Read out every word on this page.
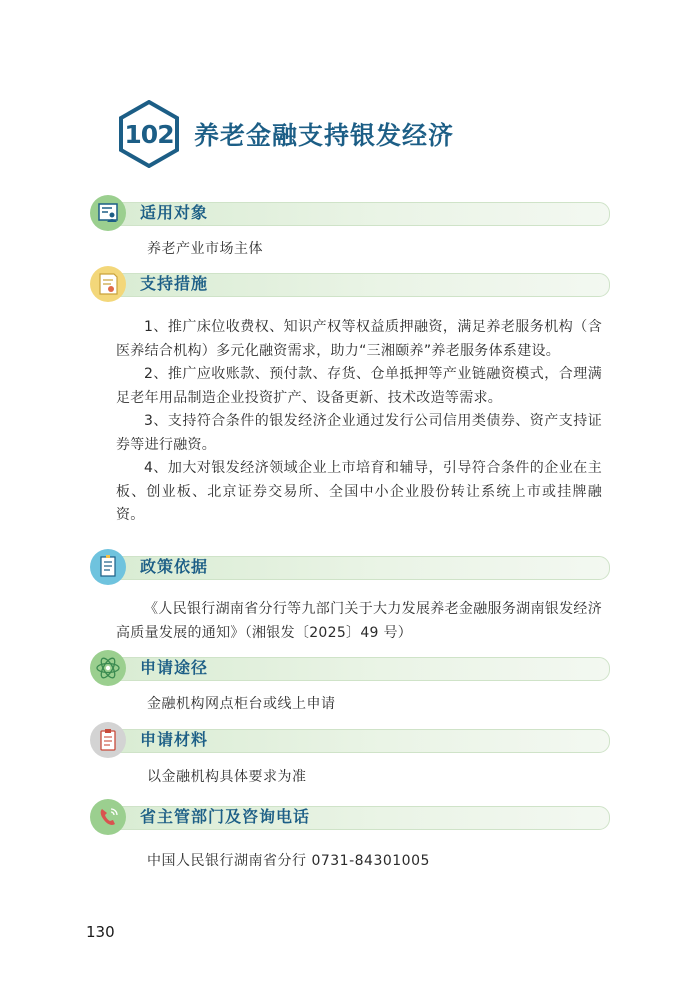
102 养老金融支持银发经济
适用对象
养老产业市场主体
支持措施

1、推广床位收费权、知识产权等权益质押融资，满足养老服务机构（含医养结合机构）多元化融资需求，助力“三湘颐养”养老服务体系建设。

2、推广应收账款、预付款、存货、仓单抵押等产业链融资模式，合理满足老年用品制造企业投资扩产、设备更新、技术改造等需求。

3、支持符合条件的银发经济企业通过发行公司信用类债券、资产支持证券等进行融资。

4、加大对银发经济领域企业上市培育和辅导，引导符合条件的企业在主板、创业板、北京证券交易所、全国中小企业股份转让系统上市或挂牌融资。

政策依据

《人民银行湖南省分行等九部门关于大力发展养老金融服务湖南银发经济高质量发展的通知》（湘银发〔2025〕49 号）

申请途径
金融机构网点柜台或线上申请
申请材料
以金融机构具体要求为准
省主管部门及咨询电话
中国人民银行湖南省分行 0731-84301005
130
